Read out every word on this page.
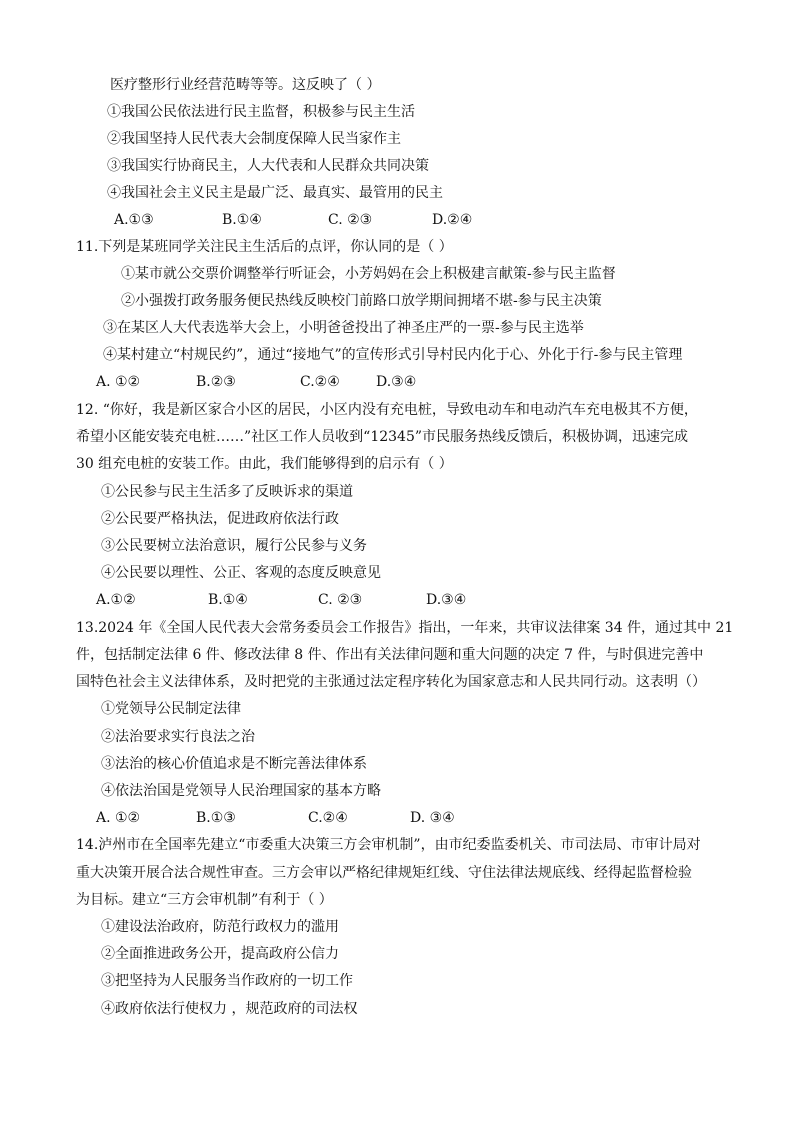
医疗整形行业经营范畴等等。这反映了（ ）
①我国公民依法进行民主监督，积极参与民主生活
②我国坚持人民代表大会制度保障人民当家作主
③我国实行协商民主，人大代表和人民群众共同决策
④我国社会主义民主是最广泛、最真实、最管用的民主
A.①③	B.①④	C. ②③	D.②④
11.下列是某班同学关注民主生活后的点评，你认同的是（ ）
①某市就公交票价调整举行听证会，小芳妈妈在会上积极建言献策-参与民主监督
②小强拨打政务服务便民热线反映校门前路口放学期间拥堵不堪-参与民主决策
③在某区人大代表选举大会上，小明爸爸投出了神圣庄严的一票-参与民主选举
④某村建立“村规民约”，通过“接地气”的宣传形式引导村民内化于心、外化于行-参与民主管理
A. ①②	B.②③	C.②④	D.③④
12. “你好，我是新区家合小区的居民，小区内没有充电桩，导致电动车和电动汽车充电极其不方便，
希望小区能安装充电桩……”社区工作人员收到“12345”市民服务热线反馈后，积极协调，迅速完成
30 组充电桩的安装工作。由此，我们能够得到的启示有（ ）
①公民参与民主生活多了反映诉求的渠道
②公民要严格执法，促进政府依法行政
③公民要树立法治意识，履行公民参与义务
④公民要以理性、公正、客观的态度反映意见
A.①②	B.①④	C. ②③	D.③④
13.2024 年《全国人民代表大会常务委员会工作报告》指出，一年来，共审议法律案 34 件，通过其中 21
件，包括制定法律 6 件、修改法律 8 件、作出有关法律问题和重大问题的决定 7 件，与时俱进完善中
国特色社会主义法律体系，及时把党的主张通过法定程序转化为国家意志和人民共同行动。这表明（）
①党领导公民制定法律
②法治要求实行良法之治
③法治的核心价值追求是不断完善法律体系
④依法治国是党领导人民治理国家的基本方略
A. ①②	B.①③	C.②④	D. ③④
14.泸州市在全国率先建立“市委重大决策三方会审机制”，由市纪委监委机关、市司法局、市审计局对
重大决策开展合法合规性审查。三方会审以严格纪律规矩红线、守住法律法规底线、经得起监督检验
为目标。建立“三方会审机制”有利于（ ）
①建设法治政府，防范行政权力的滥用
②全面推进政务公开，提高政府公信力
③把坚持为人民服务当作政府的一切工作
④政府依法行使权力 ，规范政府的司法权
